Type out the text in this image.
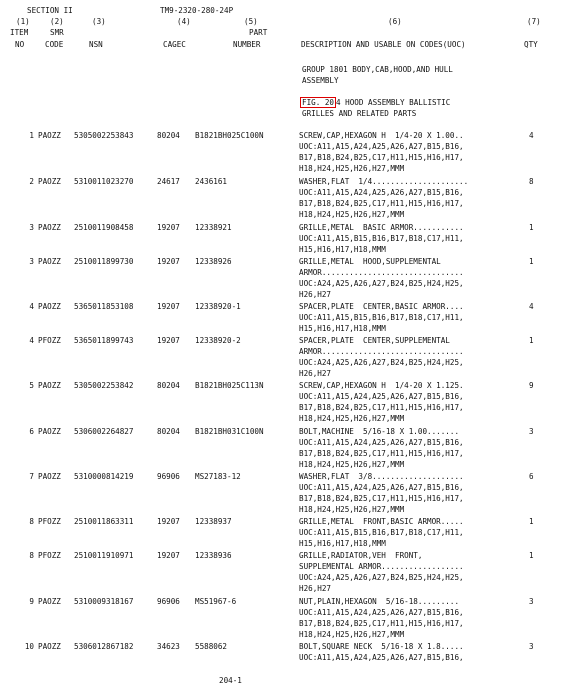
SECTION II	TM9-2320-280-24P
(1)	(2)	(3)	(4)	(5)	(6)	(7)
ITEM	SMR	PART
NO	CODE	NSN	CAGEC	NUMBER	DESCRIPTION AND USABLE ON CODES(UOC)	QTY
GROUP 1801 BODY,CAB,HOOD,AND HULL
ASSEMBLY
FIG. 20 4 HOOD ASSEMBLY BALLISTIC
GRILLES AND RELATED PARTS
1 PAOZZ 5305002253843	80204 B1821BH025C100N	SCREW,CAP,HEXAGON H  1/4-20 X 1.00..
UOC:A11,A15,A24,A25,A26,A27,B15,B16,
B17,B18,B24,B25,C17,H11,H15,H16,H17,
H18,H24,H25,H26,H27,MMM
4
2 PAOZZ 5310011023270	24617 2436161	WASHER,FLAT  1/4.....................
UOC:A11,A15,A24,A25,A26,A27,B15,B16,
B17,B18,B24,B25,C17,H11,H15,H16,H17,
H18,H24,H25,H26,H27,MMM
8
3 PAOZZ 2510011908458	19207 12338921	GRILLE,METAL  BASIC ARMOR...........
UOC:A11,A15,B15,B16,B17,B18,C17,H11,
H15,H16,H17,H18,MMM
1
3 PAOZZ 2510011899730	19207 12338926	GRILLE,METAL  HOOD,SUPPLEMENTAL
ARMOR...............................
UOC:A24,A25,A26,A27,B24,B25,H24,H25,
H26,H27
1
4 PAOZZ 5365011853108	19207 12338920-1	SPACER,PLATE  CENTER,BASIC ARMOR....
UOC:A11,A15,B15,B16,B17,B18,C17,H11,
H15,H16,H17,H18,MMM
4
4 PFOZZ 5365011899743	19207 12338920-2	SPACER,PLATE  CENTER,SUPPLEMENTAL
ARMOR...............................
UOC:A24,A25,A26,A27,B24,B25,H24,H25,
H26,H27
1
5 PAOZZ 5305002253842	80204 B1821BH025C113N	SCREW,CAP,HEXAGON H  1/4-20 X 1.125.
UOC:A11,A15,A24,A25,A26,A27,B15,B16,
B17,B18,B24,B25,C17,H11,H15,H16,H17,
H18,H24,H25,H26,H27,MMM
9
6 PAOZZ 5306002264827	80204 B1821BH031C100N	BOLT,MACHINE  5/16-18 X 1.00.......
UOC:A11,A15,A24,A25,A26,A27,B15,B16,
B17,B18,B24,B25,C17,H11,H15,H16,H17,
H18,H24,H25,H26,H27,MMM
3
7 PAOZZ 5310000814219	96906 MS27183-12	WASHER,FLAT  3/8....................
UOC:A11,A15,A24,A25,A26,A27,B15,B16,
B17,B18,B24,B25,C17,H11,H15,H16,H17,
H18,H24,H25,H26,H27,MMM
6
8 PFOZZ 2510011863311	19207 12338937	GRILLE,METAL  FRONT,BASIC ARMOR.....
UOC:A11,A15,B15,B16,B17,B18,C17,H11,
H15,H16,H17,H18,MMM
1
8 PFOZZ 2510011910971	19207 12338936	GRILLE,RADIATOR,VEH  FRONT,
SUPPLEMENTAL ARMOR..................
UOC:A24,A25,A26,A27,B24,B25,H24,H25,
H26,H27
1
9 PAOZZ 5310009318167	96906 MS51967-6	NUT,PLAIN,HEXAGON  5/16-18.........
UOC:A11,A15,A24,A25,A26,A27,B15,B16,
B17,B18,B24,B25,C17,H11,H15,H16,H17,
H18,H24,H25,H26,H27,MMM
3
10 PAOZZ 5306012867182	34623 5588062	BOLT,SQUARE NECK  5/16-18 X 1.8.....
UOC:A11,A15,A24,A25,A26,A27,B15,B16,
3
204-1
